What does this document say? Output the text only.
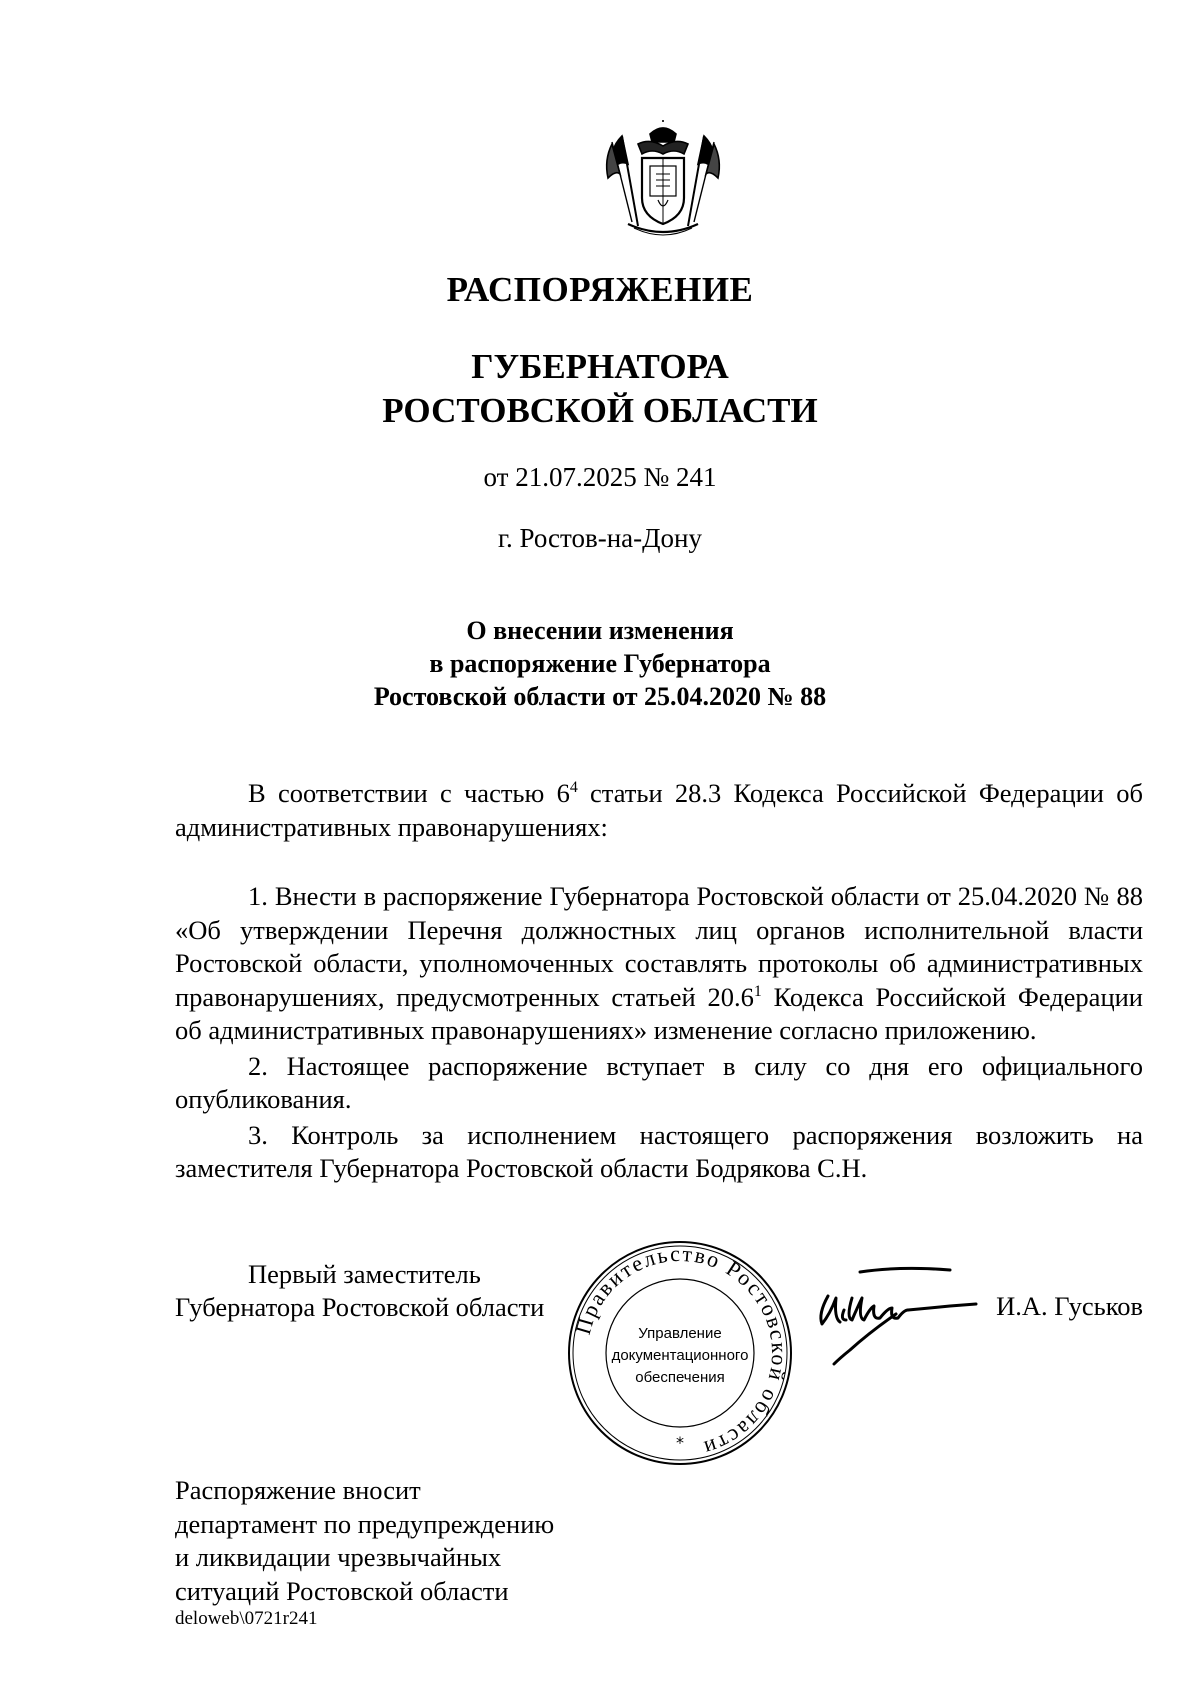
РАСПОРЯЖЕНИЕ
ГУБЕРНАТОРА
РОСТОВСКОЙ ОБЛАСТИ
от 21.07.2025 № 241
г. Ростов-на-Дону
О внесении изменения
в распоряжение Губернатора
Ростовской области от 25.04.2020 № 88

В соответствии с частью $6^4$ статьи 28.3 Кодекса Российской Федерации об административных правонарушениях:

1. Внести в распоряжение Губернатора Ростовской области от 25.04.2020 № 88 «Об утверждении Перечня должностных лиц органов исполнительной власти Ростовской области, уполномоченных составлять протоколы об административных правонарушениях, предусмотренных статьей 20.6$^1$ Кодекса Российской Федерации об административных правонарушениях» изменение согласно приложению.

2. Настоящее распоряжение вступает в силу со дня его официального опубликования.

3. Контроль за исполнением настоящего распоряжения возложить на заместителя Губернатора Ростовской области Бодрякова С.Н.

Правительство Ростовской области
Управление
документационного
обеспечения
*
Первый заместитель
Губернатора Ростовской области	И.А. Гуськов
Распоряжение вносит
департамент по предупреждению
и ликвидации чрезвычайных
ситуаций Ростовской области
deloweb\0721r241
